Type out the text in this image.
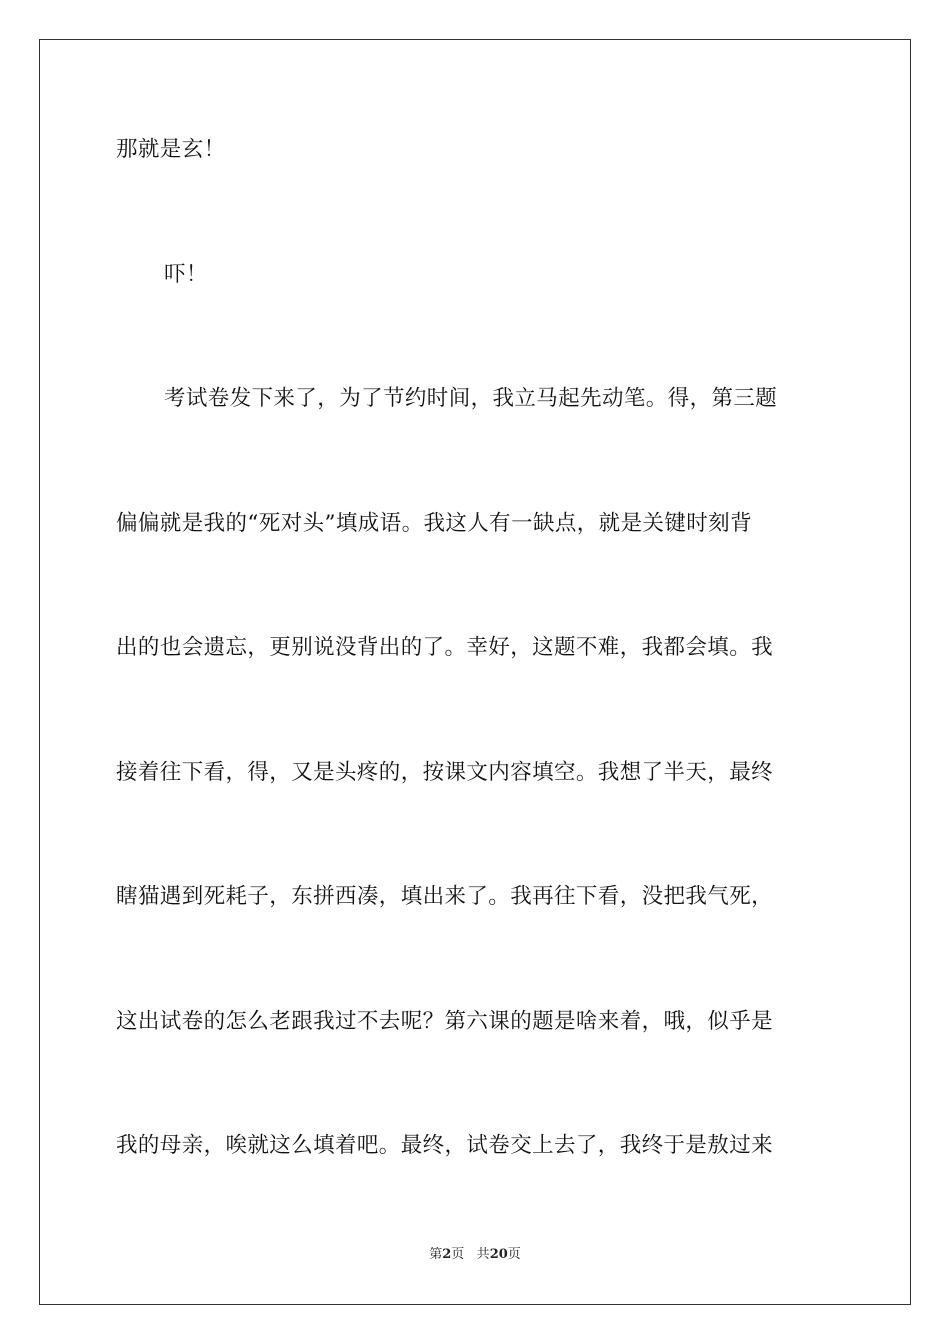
那就是玄！
吓！
考试卷发下来了，为了节约时间，我立马起先动笔。得，第三题
偏偏就是我的“死对头”填成语。我这人有一缺点，就是关键时刻背
出的也会遗忘，更别说没背出的了。幸好，这题不难，我都会填。我
接着往下看，得，又是头疼的，按课文内容填空。我想了半天，最终
瞎猫遇到死耗子，东拼西凑，填出来了。我再往下看，没把我气死，
这出试卷的怎么老跟我过不去呢？第六课的题是啥来着，哦，似乎是
我的母亲，唉就这么填着吧。最终，试卷交上去了，我终于是敖过来
第2页 共20页
